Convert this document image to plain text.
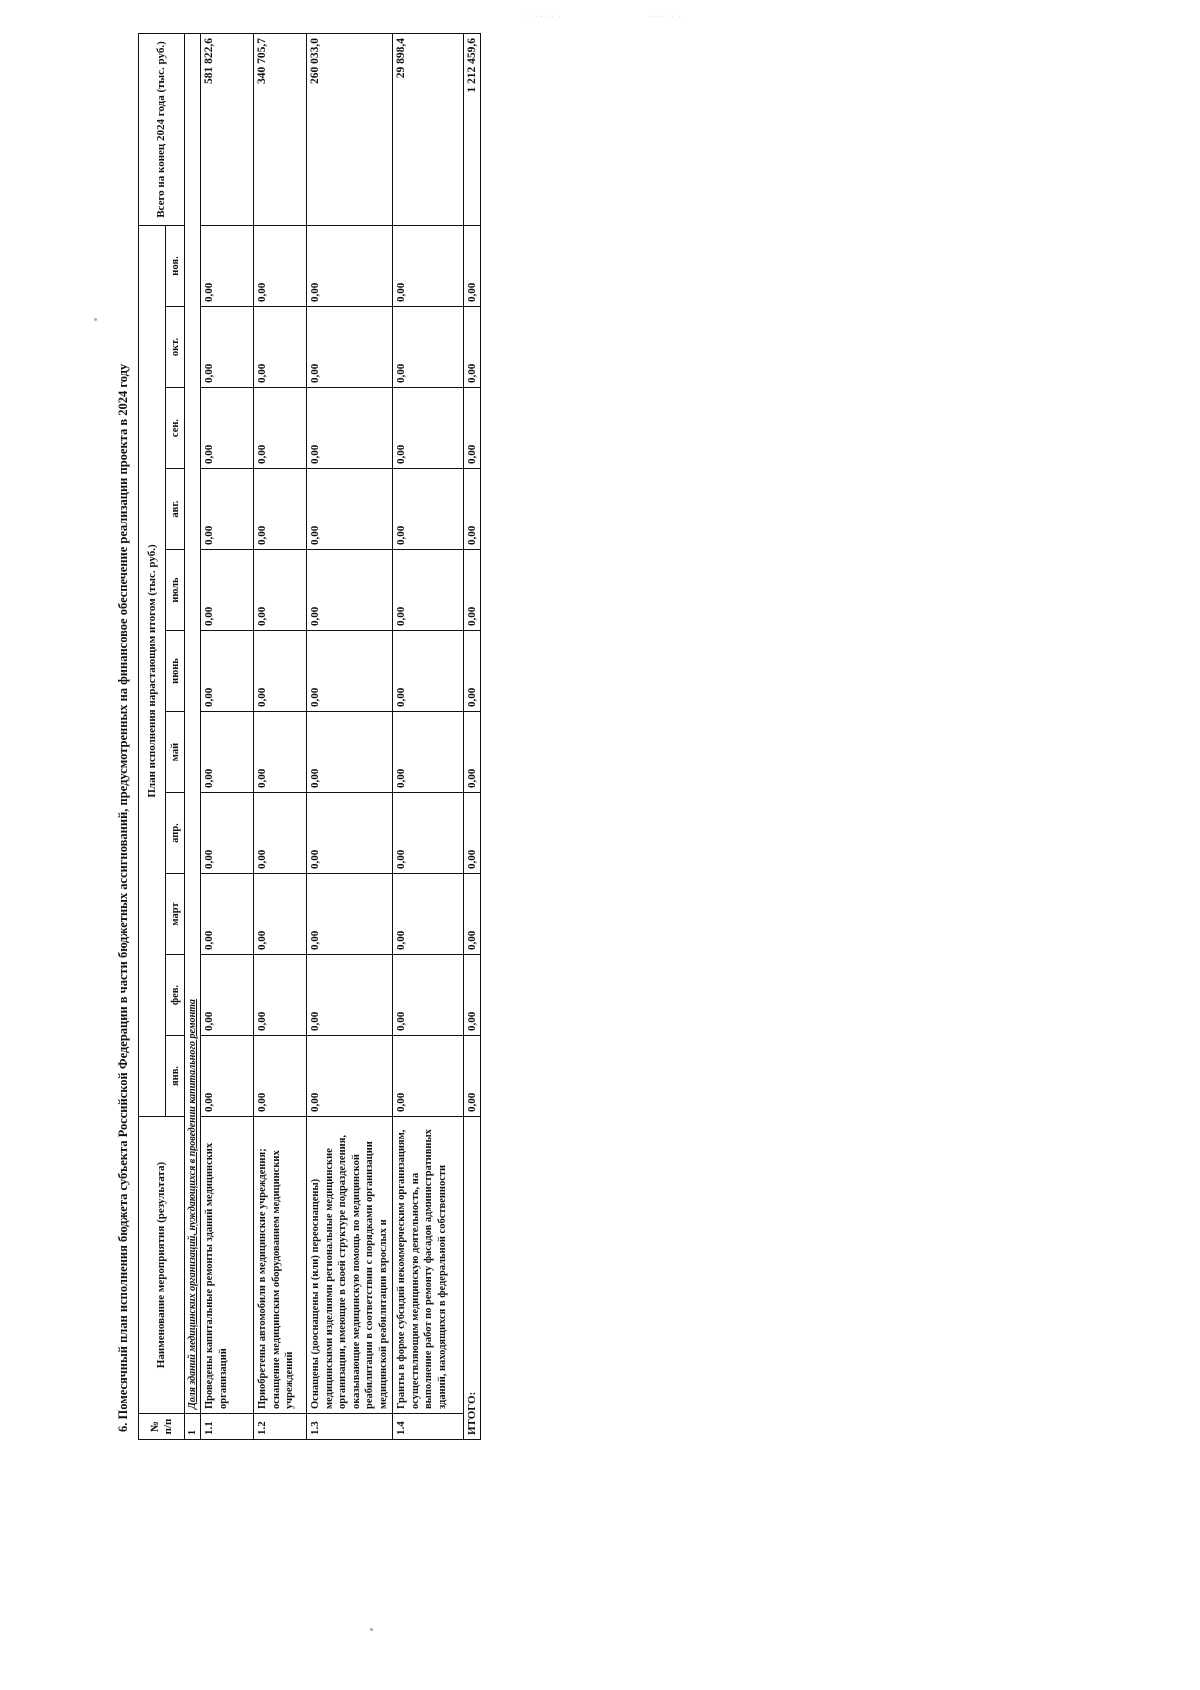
·· ·· ·· ·	····· · ·
6. Помесячный план исполнения бюджета субъекта Российской Федерации в части бюджетных ассигнований, предусмотренных на финансовое обеспечение реализации проекта в 2024 году № п/п	Наименование мероприятия (результата)	План исполнения нарастающим итогом (тыс. руб.)											Всего на конец 2024 года (тыс. руб.)
		янв.	фев.	март	апр.	май	июнь	июль	авг.	сен.	окт.	ноя.	
1	Доля зданий медицинских организаций, нуждающихся в проведении капитального ремонта												
1.1	Проведены капитальные ремонты зданий медицинских организаций	0,00	0,00	0,00	0,00	0,00	0,00	0,00	0,00	0,00	0,00	0,00	581 822,6
1.2	Приобретены автомобили в медицинские учреждения; оснащение медицинским оборудованием медицинских учреждений	0,00	0,00	0,00	0,00	0,00	0,00	0,00	0,00	0,00	0,00	0,00	340 705,7
1.3	Оснащены (дооснащены и (или) переоснащены) медицинскими изделиями региональные медицинские организации, имеющие в своей структуре подразделения, оказывающие медицинскую помощь по медицинской реабилитации в соответствии с порядками организации медицинской реабилитации взрослых и	0,00	0,00	0,00	0,00	0,00	0,00	0,00	0,00	0,00	0,00	0,00	260 033,0
1.4	Гранты в форме субсидий некоммерческим организациям, осуществляющим медицинскую деятельность, на выполнение работ по ремонту фасадов административных зданий, находящихся в федеральной собственности	0,00	0,00	0,00	0,00	0,00	0,00	0,00	0,00	0,00	0,00	0,00	29 898,4
ИТОГО:		0,00	0,00	0,00	0,00	0,00	0,00	0,00	0,00	0,00	0,00	0,00	1 212 459,6
